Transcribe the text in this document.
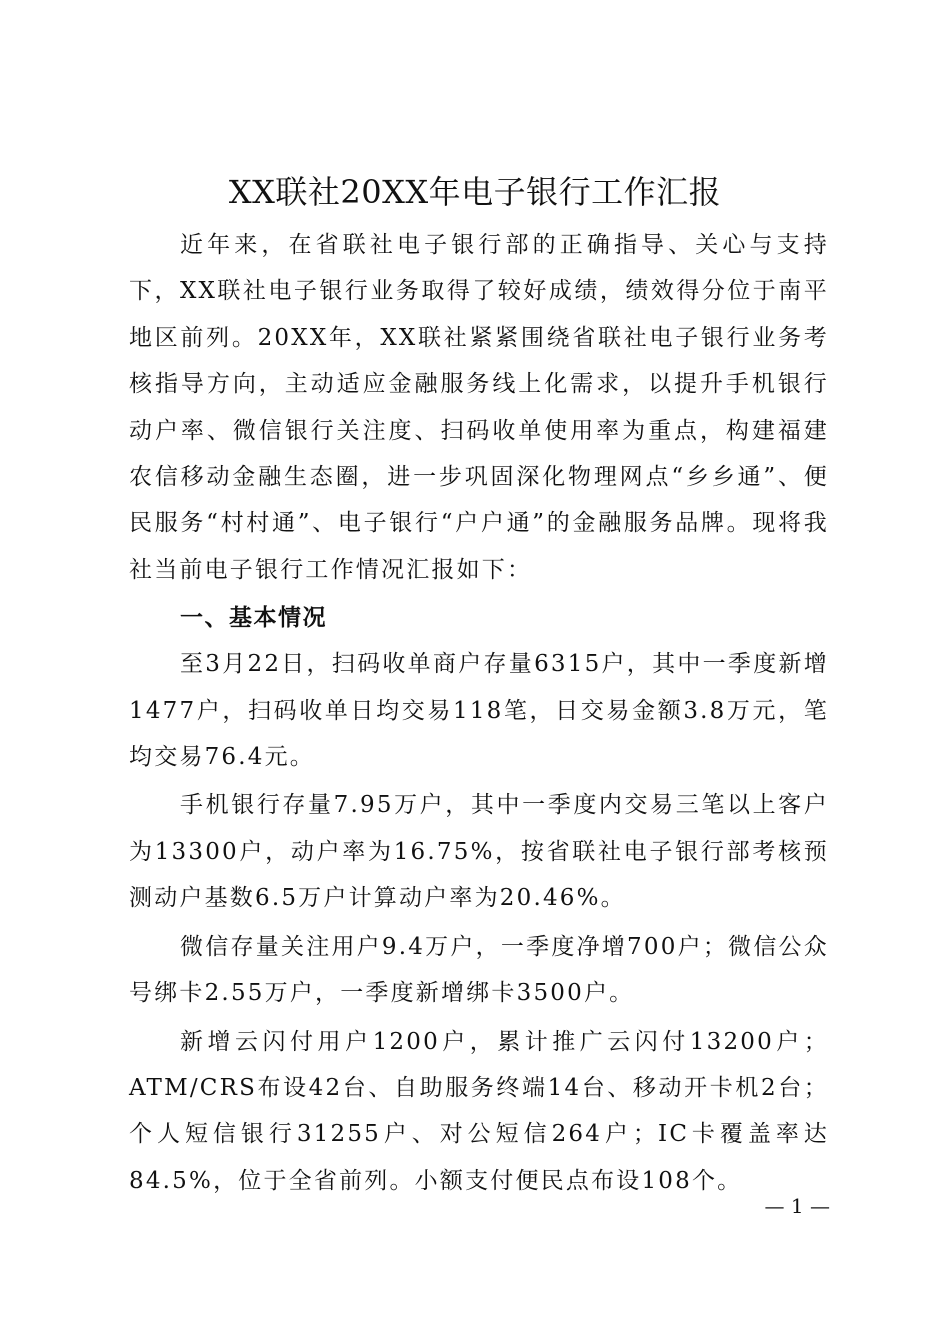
XX联社20XX年电子银行工作汇报

近年来，在省联社电子银行部的正确指导、关心与支持下，XX联社电子银行业务取得了较好成绩，绩效得分位于南平地区前列。20XX年，XX联社紧紧围绕省联社电子银行业务考核指导方向，主动适应金融服务线上化需求，以提升手机银行动户率、微信银行关注度、扫码收单使用率为重点，构建福建农信移动金融生态圈，进一步巩固深化物理网点“乡乡通”、便民服务“村村通”、电子银行“户户通”的金融服务品牌。现将我社当前电子银行工作情况汇报如下：

一、基本情况

至3月22日，扫码收单商户存量6315户，其中一季度新增1477户，扫码收单日均交易118笔，日交易金额3.8万元，笔均交易76.4元。

手机银行存量7.95万户，其中一季度内交易三笔以上客户为13300户，动户率为16.75%，按省联社电子银行部考核预测动户基数6.5万户计算动户率为20.46%。

微信存量关注用户9.4万户，一季度净增700户；微信公众号绑卡2.55万户，一季度新增绑卡3500户。

新增云闪付用户1200户，累计推广云闪付13200户；ATM/CRS布设42台、自助服务终端14台、移动开卡机2台；个人短信银行31255户、对公短信264户；IC卡覆盖率达84.5%，位于全省前列。小额支付便民点布设108个。

— 1 —
